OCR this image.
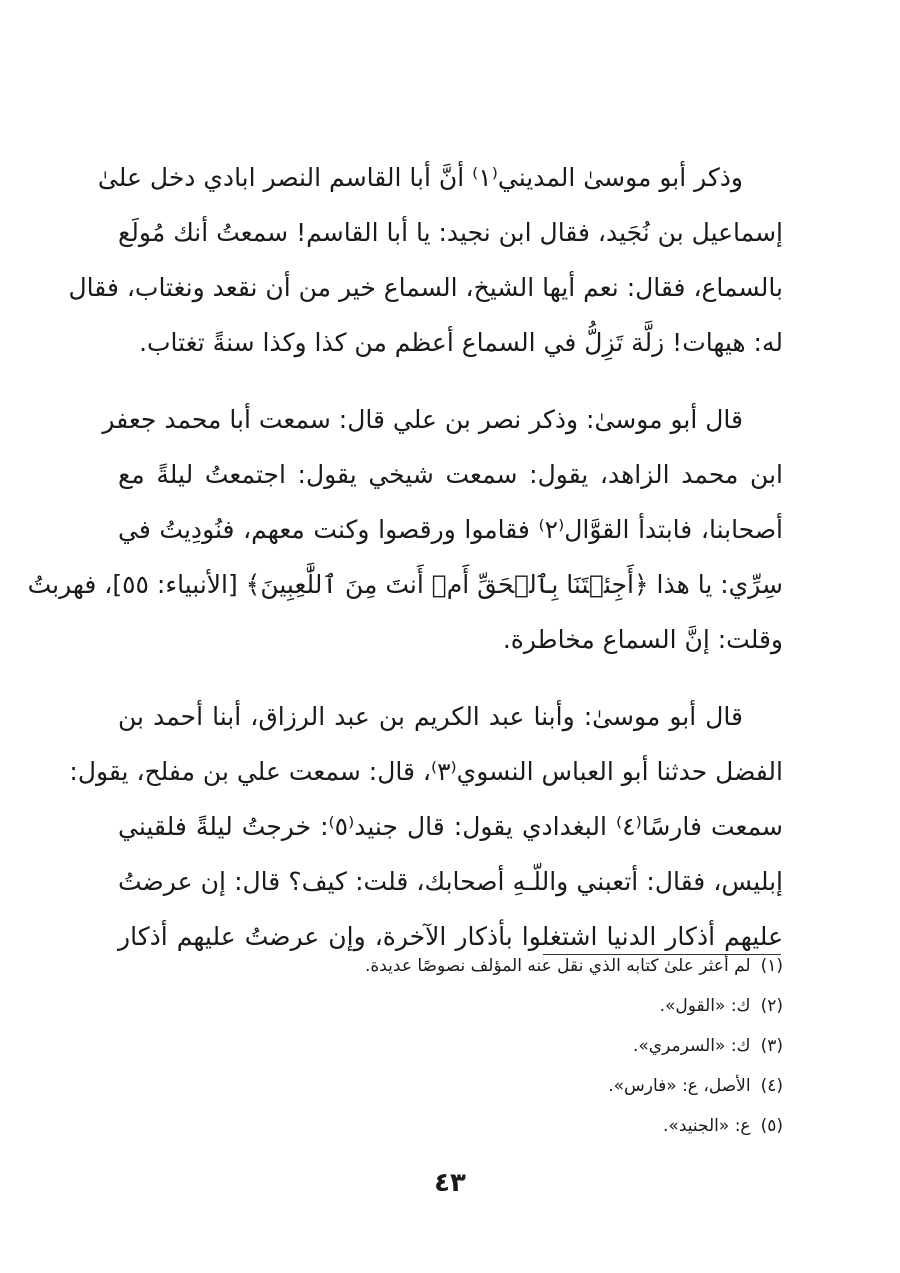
وذكر أبو موسىٰ المديني⁽١⁾ أنَّ أبا القاسم النصر ابادي دخل علىٰ
إسماعيل بن نُجَيد، فقال ابن نجيد: يا أبا القاسم! سمعتُ أنك مُولَع
بالسماع، فقال: نعم أيها الشيخ، السماع خير من أن نقعد ونغتاب، فقال
له: هيهات! زلَّة تَزِلُّ في السماع أعظم من كذا وكذا سنةً تغتاب.

قال أبو موسىٰ: وذكر نصر بن علي قال: سمعت أبا محمد جعفر
ابن محمد الزاهد، يقول: سمعت شيخي يقول: اجتمعتُ ليلةً مع
أصحابنا، فابتدأ القوَّال⁽٢⁾ فقاموا ورقصوا وكنت معهم، فنُودِيتُ في
سِرِّي: يا هذا ﴿أَجِئۡتَنَا بِٱلۡحَقِّ أَمۡ أَنتَ مِنَ ٱللَّٰعِبِينَ﴾ [الأنبياء: ٥٥]، فهربتُ
وقلت: إنَّ السماع مخاطرة.

قال أبو موسىٰ: وأبنا عبد الكريم بن عبد الرزاق، أبنا أحمد بن
الفضل حدثنا أبو العباس النسوي⁽٣⁾، قال: سمعت علي بن مفلح، يقول:
سمعت فارسًا⁽٤⁾ البغدادي يقول: قال جنيد⁽٥⁾: خرجتُ ليلةً فلقيني
إبليس، فقال: أتعبني واللّـهِ أصحابك، قلت: كيف؟ قال: إن عرضتُ
عليهم أذكار الدنيا اشتغلوا بأذكار الآخرة، وإن عرضتُ عليهم أذكار

(١)لم أعثر علىٰ كتابه الذي نقل عنه المؤلف نصوصًا عديدة.
(٢)ك: «القول».
(٣)ك: «السرمري».
(٤)الأصل، ع: «فارس».
(٥)ع: «الجنيد».
٤٣
